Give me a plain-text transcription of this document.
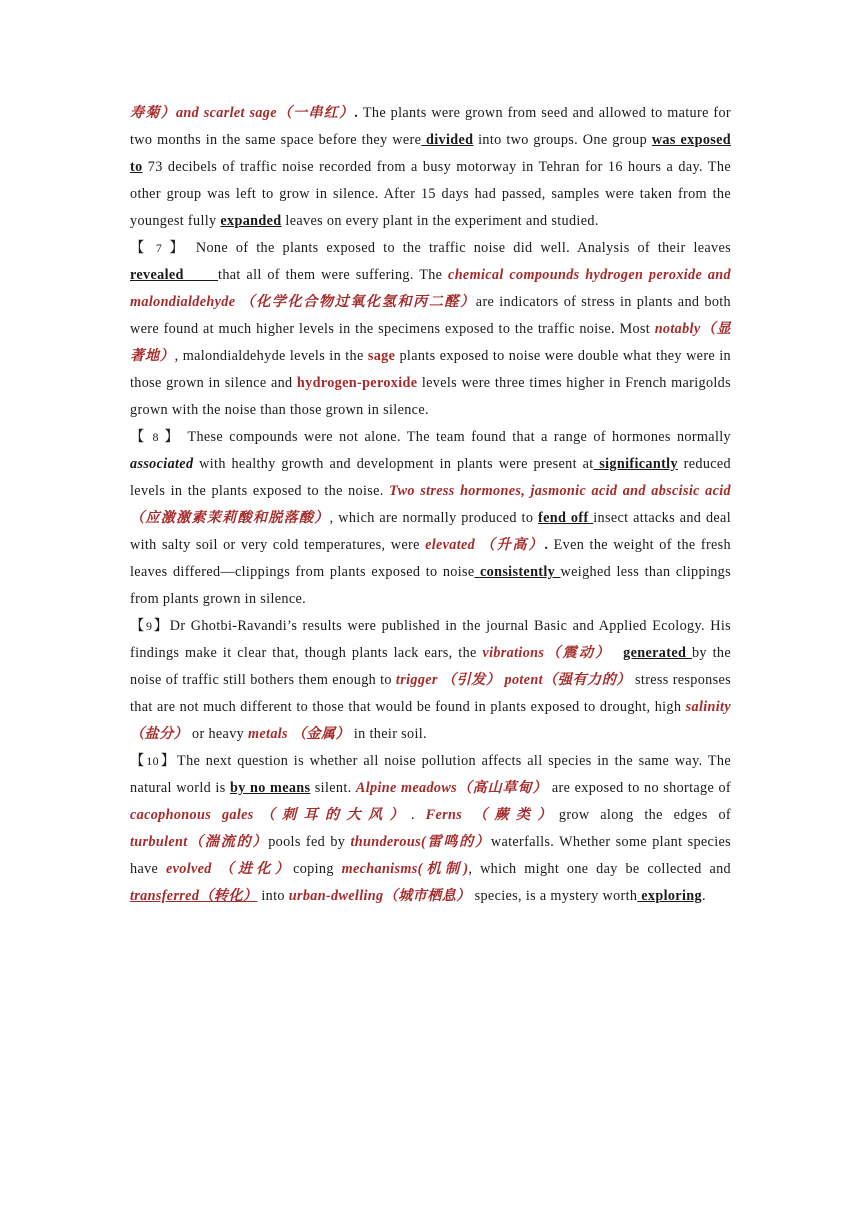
寿菊）and scarlet sage（一串红）. The plants were grown from seed and allowed to mature for two months in the same space before they were divided into two groups. One group was exposed to 73 decibels of traffic noise recorded from a busy motorway in Tehran for 16 hours a day. The other group was left to grow in silence. After 15 days had passed, samples were taken from the youngest fully expanded leaves on every plant in the experiment and studied.

【 7 】 None of the plants exposed to the traffic noise did well. Analysis of their leaves revealed      that all of them were suffering. The chemical compounds hydrogen peroxide and malondialdehyde （化学化合物过氧化氢和丙二醛）are indicators of stress in plants and both were found at much higher levels in the specimens exposed to the traffic noise. Most notably（显著地）, malondialdehyde levels in the sage plants exposed to noise were double what they were in those grown in silence and hydrogen-peroxide levels were three times higher in French marigolds grown with the noise than those grown in silence.

【 8 】 These compounds were not alone. The team found that a range of hormones normally associated with healthy growth and development in plants were present at significantly reduced levels in the plants exposed to the noise. Two stress hormones, jasmonic acid and abscisic acid（应激激素茉莉酸和脱落酸）, which are normally produced to fend off insect attacks and deal with salty soil or very cold temperatures, were elevated （升高）. Even the weight of the fresh leaves differed—clippings from plants exposed to noise consistently weighed less than clippings from plants grown in silence.

【9】Dr Ghotbi-Ravandi’s results were published in the journal Basic and Applied Ecology. His findings make it clear that, though plants lack ears, the vibrations（震动） generated by the noise of traffic still bothers them enough to trigger （引发） potent（强有力的） stress responses that are not much different to those that would be found in plants exposed to drought, high salinity（盐分） or heavy metals （金属） in their soil.

【10】The next question is whether all noise pollution affects all species in the same way. The natural world is by no means silent. Alpine meadows（高山草甸） are exposed to no shortage of cacophonous gales（刺耳的大风）. Ferns （蕨类）grow along the edges of turbulent（湍流的）pools fed by thunderous(雷鸣的）waterfalls. Whether some plant species have evolved （进化）coping mechanisms(机制), which might one day be collected and transferred（转化） into urban-dwelling（城市栖息） species, is a mystery worth exploring.
